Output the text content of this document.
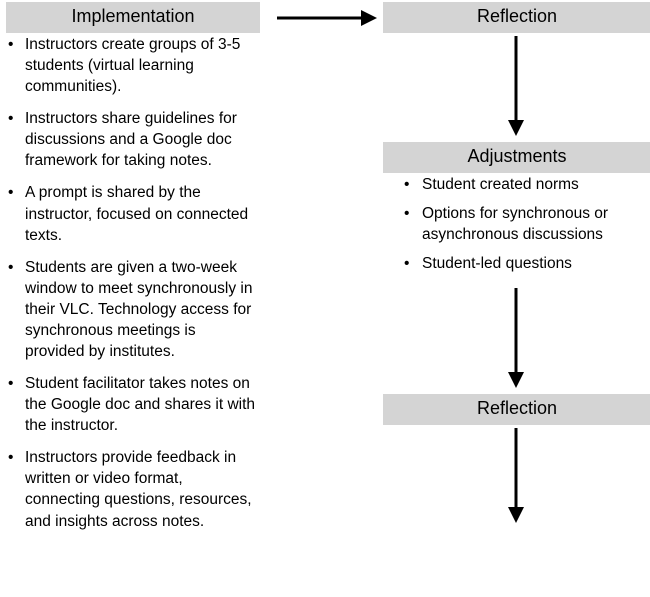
Implementation
• Instructors create groups of 3-5 students (virtual learning communities).
• Instructors share guidelines for discussions and a Google doc framework for taking notes.
• A prompt is shared by the instructor, focused on connected texts.
• Students are given a two-week window to meet synchronously in their VLC. Technology access for synchronous meetings is provided by institutes.
• Student facilitator takes notes on the Google doc and shares it with the instructor.
• Instructors provide feedback in written or video format, connecting questions, resources, and insights across notes.
Reflection
Adjustments
• Student created norms
• Options for synchronous or asynchronous discussions
• Student-led questions
Reflection
